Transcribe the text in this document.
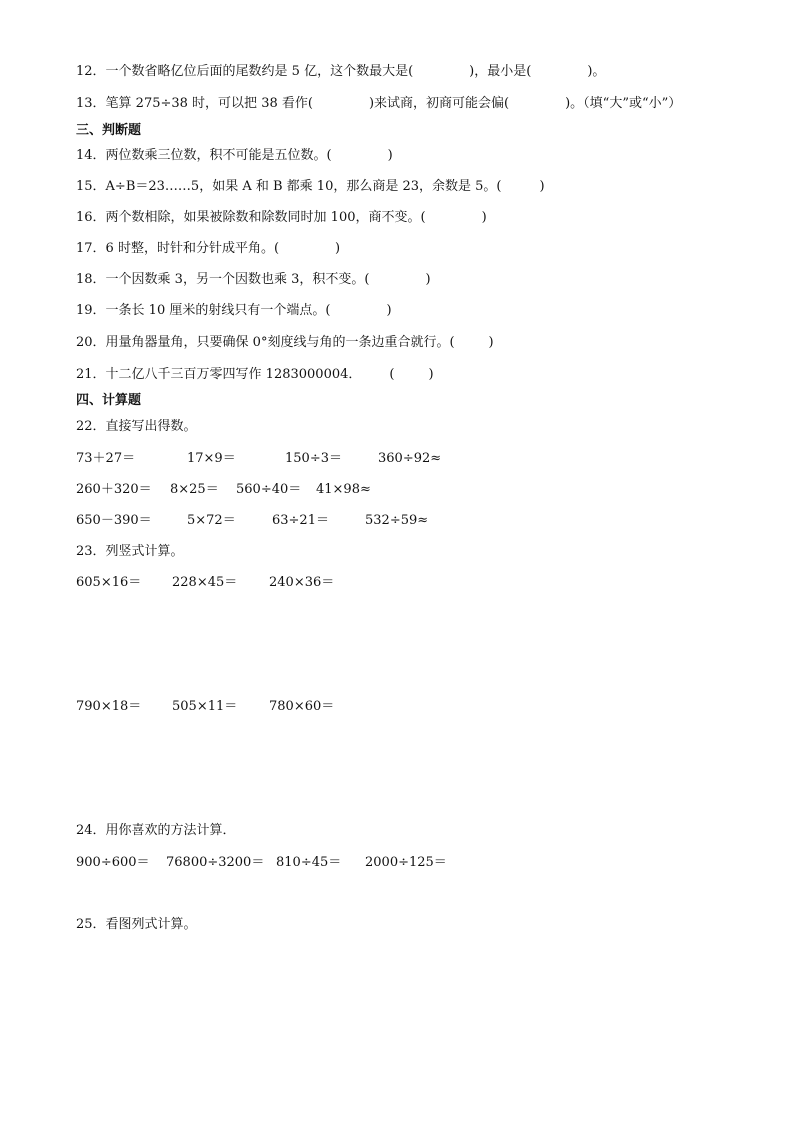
12．一个数省略亿位后面的尾数约是 5 亿，这个数最大是(	)，最小是(	)。
13．笔算 275÷38 时，可以把 38 看作(	)来试商，初商可能会偏(	)。（填“大”或“小”）
三、判断题
14．两位数乘三位数，积不可能是五位数。(	)
15．A÷B＝23……5，如果 A 和 B 都乘 10，那么商是 23，余数是 5。(	)
16．两个数相除，如果被除数和除数同时加 100，商不变。(	)
17．6 时整，时针和分针成平角。(	)
18．一个因数乘 3，另一个因数也乘 3，积不变。(	)
19．一条长 10 厘米的射线只有一个端点。(	)
20．用量角器量角，只要确保 0°刻度线与角的一条边重合就行。(	)
21．十二亿八千三百万零四写作 1283000004． (	)
四、计算题
22．直接写出得数。
73＋27＝	17×9＝	150÷3＝	360÷92≈
260＋320＝ 8×25＝ 560÷40＝ 41×98≈
650－390＝	5×72＝	63÷21＝	532÷59≈
23．列竖式计算。
605×16＝ 228×45＝ 240×36＝
790×18＝ 505×11＝ 780×60＝
24．用你喜欢的方法计算．
900÷600＝ 76800÷3200＝ 810÷45＝ 2000÷125＝
25．看图列式计算。
